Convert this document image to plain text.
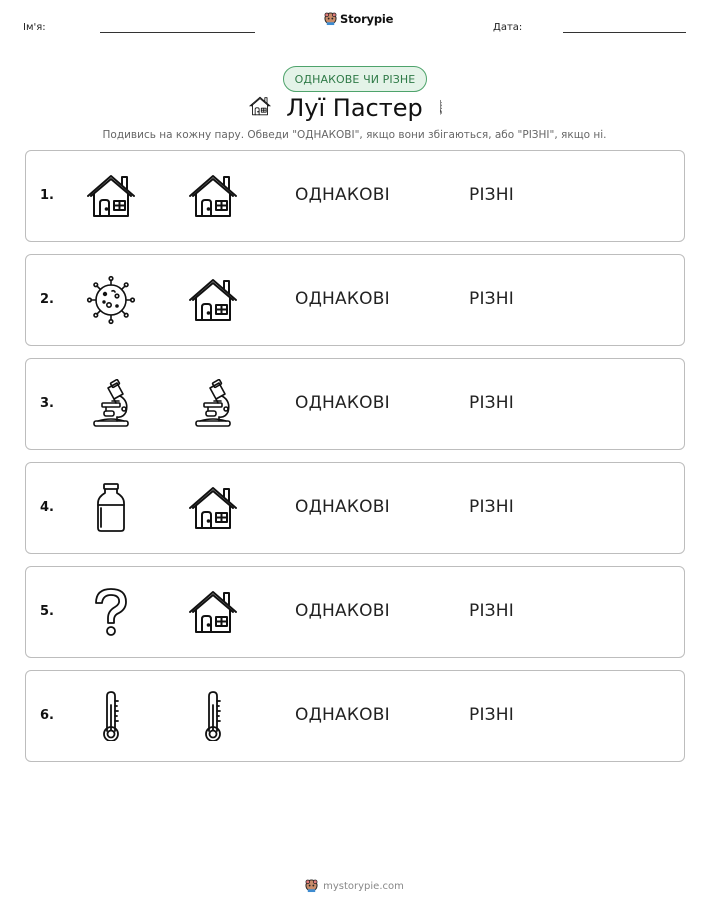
Ім'я:
Storypie
Дата:
ОДНАКОВЕ ЧИ РІЗНЕ
Луї Пастер
Подивись на кожну пару. Обведи "ОДНАКОВІ", якщо вони збігаються, або "РІЗНІ", якщо ні.
1.	ОДНАКОВІ	РІЗНІ
2.	ОДНАКОВІ	РІЗНІ
3.	ОДНАКОВІ	РІЗНІ
4.	ОДНАКОВІ	РІЗНІ
5.	ОДНАКОВІ	РІЗНІ
6.	ОДНАКОВІ	РІЗНІ
mystorypie.com
